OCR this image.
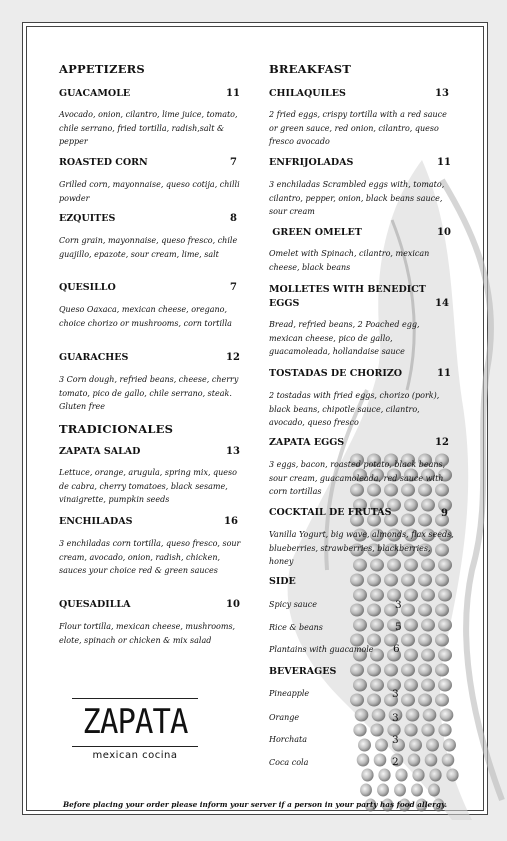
APPETIZERS
GUACAMOLE	11
Avocado, onion, cilantro, lime juice, tomato, chile serrano, fried tortilla, radish,salt & pepper
ROASTED CORN	7
Grilled corn, mayonnaise, queso cotija, chilli powder
EZQUITES	8
Corn grain, mayonnaise, queso fresco, chile guajillo, epazote, sour cream, lime, salt
QUESILLO	7
Queso Oaxaca, mexican cheese, oregano, choice chorizo or mushrooms, corn tortilla
GUARACHES	12
3 Corn dough, refried beans, cheese, cherry tomato, pico de gallo, chile serrano, steak. Gluten free
TRADICIONALES
ZAPATA SALAD	13
Lettuce, orange, arugula, spring mix, queso de cabra, cherry tomatoes, black sesame, vinaigrette, pumpkin seeds
ENCHILADAS	16
3 enchiladas corn tortilla, queso fresco, sour cream, avocado, onion, radish, chicken, sauces your choice red & green sauces
QUESADILLA	10
Flour tortilla, mexican cheese, mushrooms, elote, spinach or chicken & mix salad
ZAPATA
mexican cocina
BREAKFAST
CHILAQUILES	13
2 fried eggs, crispy tortilla with a red sauce or green sauce, red onion, cilantro, queso fresco avocado
ENFRIJOLADAS	11
3 enchiladas Scrambled eggs with, tomato, cilantro, pepper, onion, black beans sauce, sour cream
GREEN OMELET	10
Omelet with Spinach, cilantro, mexican cheese, black beans
MOLLETES WITH BENEDICT EGGS	14
Bread, refried beans, 2 Poached egg, mexican cheese, pico de gallo, guacamoleada, hollandaise sauce
TOSTADAS DE CHORIZO	11
2 tostadas with fried eggs, chorizo (pork), black beans, chipotle sauce, cilantro, avocado, queso fresco
ZAPATA EGGS	12
3 eggs, bacon, roasted potato, black beans, sour cream, guacamoleada, red sauce with corn tortillas
COCKTAIL DE FRUTAS	9
Vanilla Yogurt, big wave, almonds, flax seeds, blueberries, strawberries, blackberries, honey
SIDE
Spicy sauce	3
Rice & beans	5
Plantains with guacamole 6
BEVERAGES
Pineapple	3
Orange	3
Horchata	3
Coca cola	2
Before placing your order please inform your server if a person in your party has food allergy.
